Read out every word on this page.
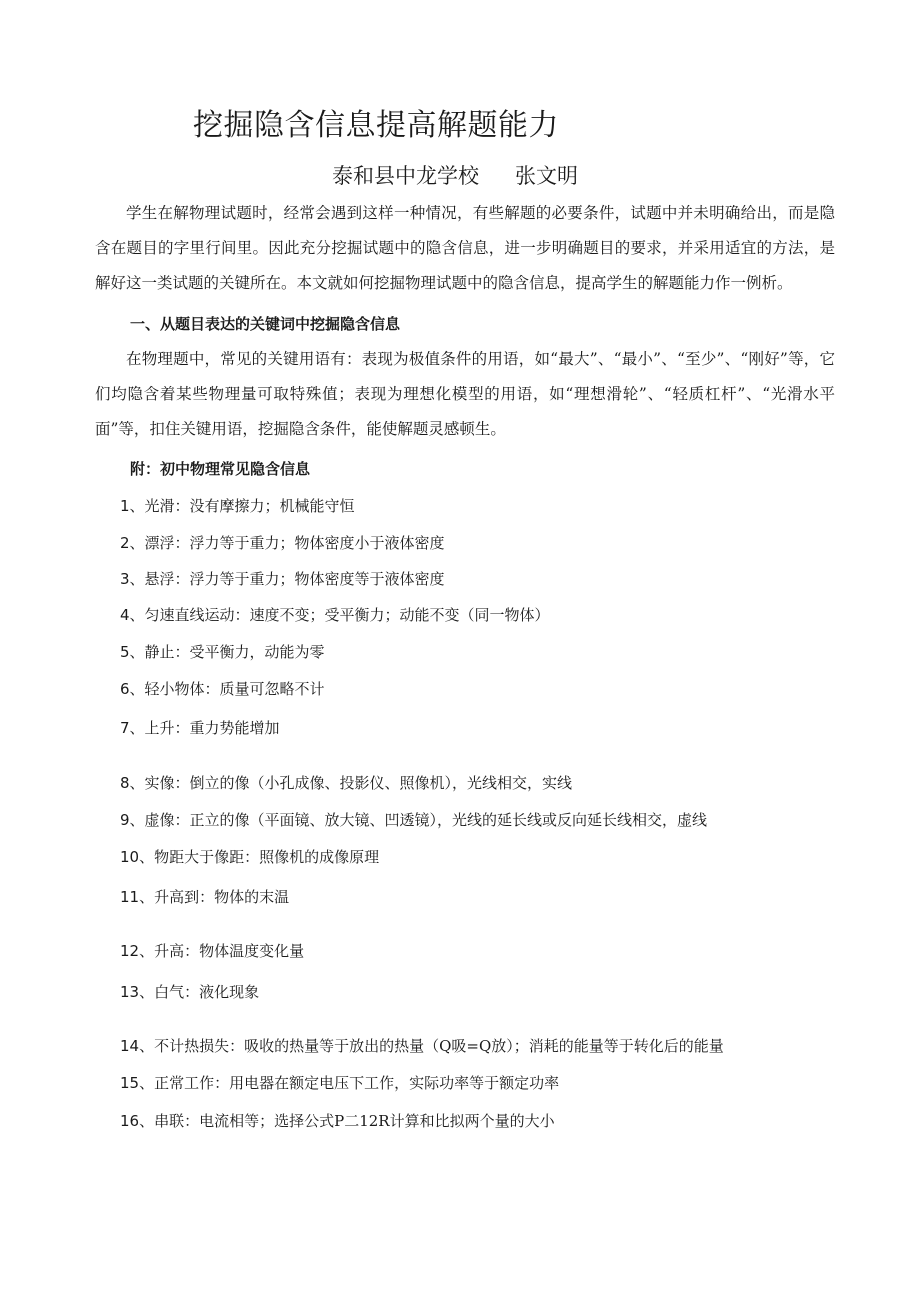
挖掘隐含信息提高解题能力
泰和县中龙学校 张文明

学生在解物理试题时，经常会遇到这样一种情况，有些解题的必要条件，试题中并未明确给出，而是隐含在题目的字里行间里。因此充分挖掘试题中的隐含信息，进一步明确题目的要求，并采用适宜的方法，是解好这一类试题的关键所在。本文就如何挖掘物理试题中的隐含信息，提高学生的解题能力作一例析。

一、从题目表达的关键词中挖掘隐含信息

在物理题中，常见的关键用语有：表现为极值条件的用语，如“最大”、“最小”、“至少”、“刚好”等，它们均隐含着某些物理量可取特殊值；表现为理想化模型的用语，如“理想滑轮”、“轻质杠杆”、“光滑水平面”等，扣住关键用语，挖掘隐含条件，能使解题灵感顿生。

附：初中物理常见隐含信息
1、光滑：没有摩擦力；机械能守恒
2、漂浮：浮力等于重力；物体密度小于液体密度
3、悬浮：浮力等于重力；物体密度等于液体密度
4、匀速直线运动：速度不变；受平衡力；动能不变（同一物体）
5、静止：受平衡力，动能为零
6、轻小物体：质量可忽略不计
7、上升：重力势能增加
8、实像：倒立的像（小孔成像、投影仪、照像机），光线相交，实线
9、虚像：正立的像（平面镜、放大镜、凹透镜），光线的延长线或反向延长线相交，虚线
10、物距大于像距：照像机的成像原理
11、升高到：物体的末温
12、升高：物体温度变化量
13、白气：液化现象
14、不计热损失：吸收的热量等于放出的热量（Q吸=Q放）；消耗的能量等于转化后的能量
15、正常工作：用电器在额定电压下工作，实际功率等于额定功率
16、串联：电流相等；选择公式P二12R计算和比拟两个量的大小
